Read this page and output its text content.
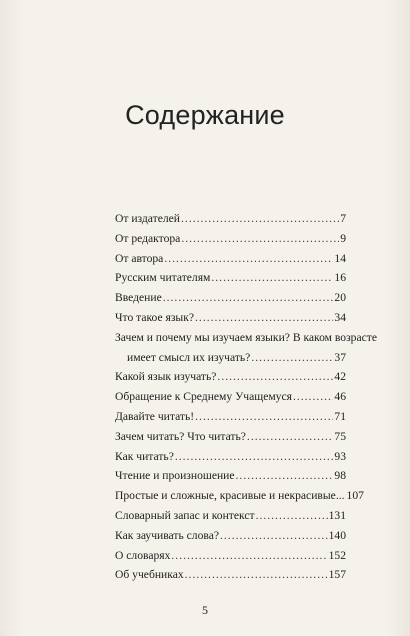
Содержание
От издателей .....	7
От редактора .....	9
От автора .....	14
Русским читателям .....	16
Введение .....	20
Что такое язык? .....	34
Зачем и почему мы изучаем языки? В каком возрасте
имеет смысл их изучать? .....	37
Какой язык изучать? .....	42
Обращение к Среднему Учащемуся .....	46
Давайте читать! .....	71
Зачем читать? Что читать? .....	75
Как читать? .....	93
Чтение и произношение .....	98
Простые и сложные, красивые и некрасивые... 107
Словарный запас и контекст .....	131
Как заучивать слова? .....	140
О словарях .....	152
Об учебниках .....	157
5
